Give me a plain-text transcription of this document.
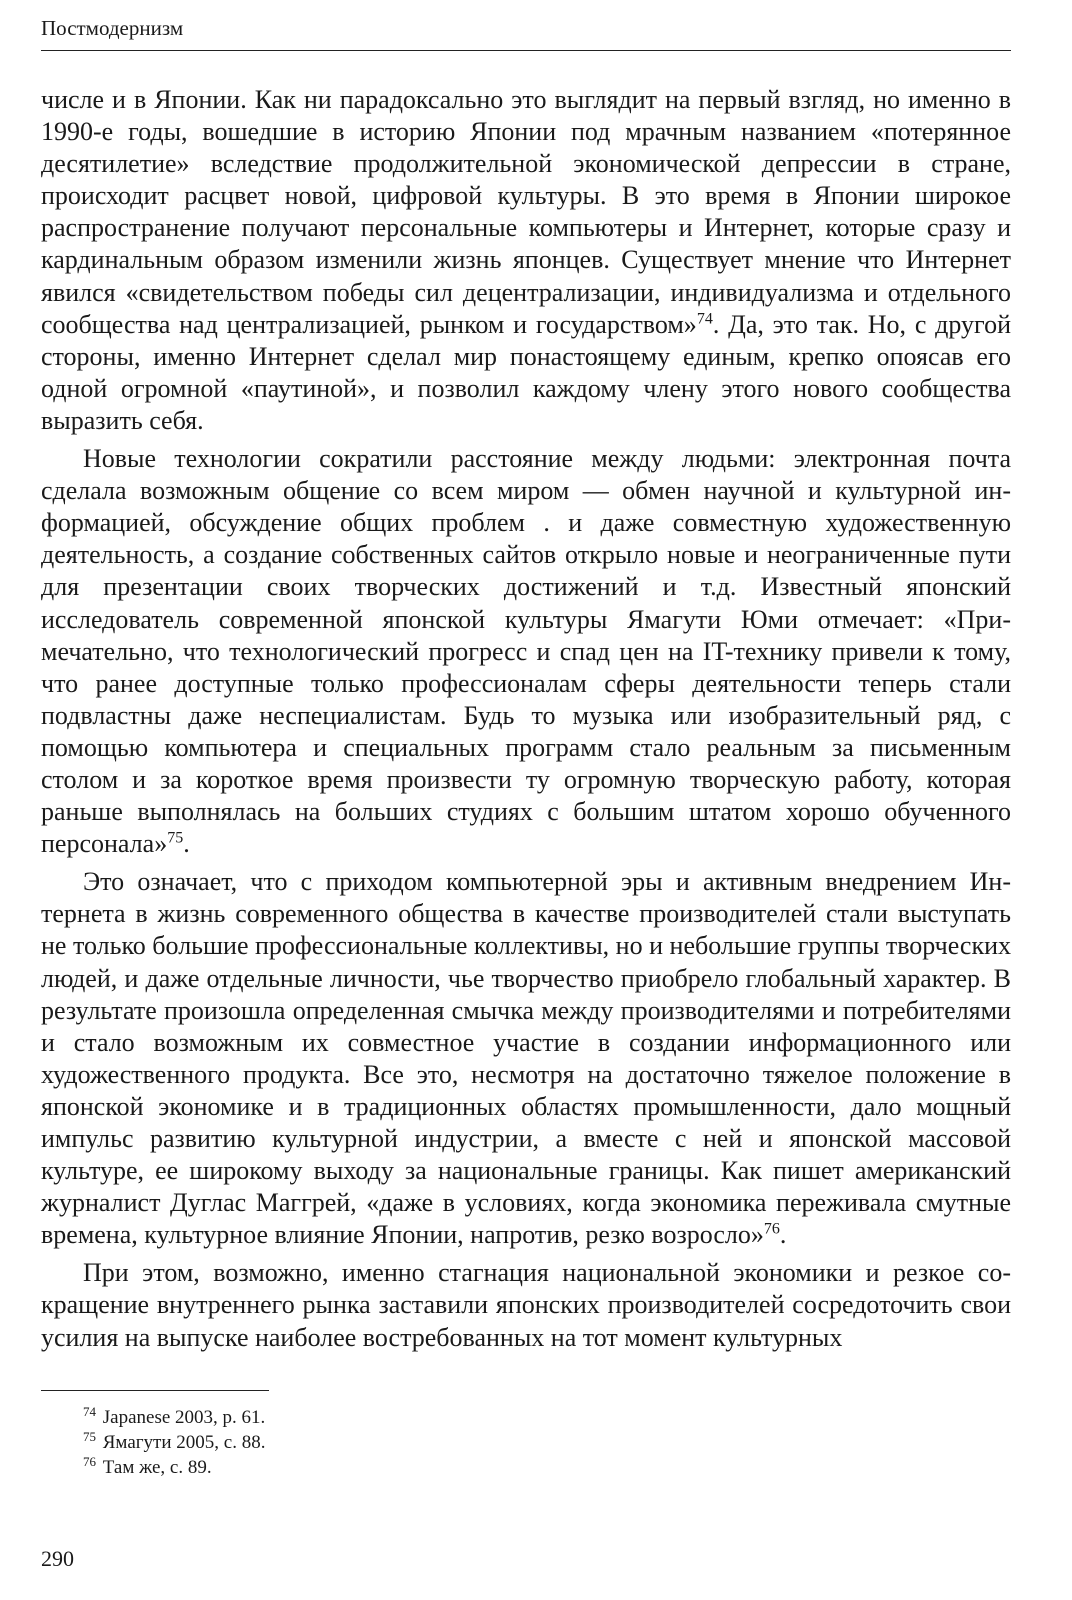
Постмодернизм

числе и в Японии. Как ни парадоксально это выглядит на первый взгляд, но именно в 1990-е годы, вошедшие в историю Японии под мрачным названием «потерянное десятилетие» вследствие продолжительной экономической депрессии в стране, происходит расцвет новой, цифровой культуры. В это время в Японии широкое распространение получают персональные компьютеры и Интернет, которые сразу и кардинальным образом изменили жизнь японцев. Существует мнение что Интернет явился «свидетельством победы сил децентрализации, индивидуализма и отдельного сообщества над централизацией, рынком и государством»$^{74}$. Да, это так. Но, с другой стороны, именно Интернет сделал мир понастоящему единым, крепко опоясав его одной огромной «паутиной», и позволил каждому члену этого нового сообщества выразить себя.

Новые технологии сократили расстояние между людьми: электронная почта сделала возможным общение со всем миром — обмен научной и культурной информацией, обсуждение общих проблем . и даже совместную художественную деятельность, а создание собственных сайтов открыло новые и неограниченные пути для презентации своих творческих достижений и т.д. Известный японский исследователь современной японской культуры Ямагути Юми отмечает: «Примечательно, что технологический прогресс и спад цен на IT-технику привели к тому, что ранее доступные только профессионалам сферы деятельности теперь стали подвластны даже неспециалистам. Будь то музыка или изобразительный ряд, с помощью компьютера и специальных программ стало реальным за письменным столом и за короткое время произвести ту огромную творческую работу, которая раньше выполнялась на больших студиях с большим штатом хорошо обученного персонала»$^{75}$.

Это означает, что с приходом компьютерной эры и активным внедрением Интернета в жизнь современного общества в качестве производителей стали выступать не только большие профессиональные коллективы, но и небольшие группы творческих людей, и даже отдельные личности, чье творчество приобрело глобальный характер. В результате произошла определенная смычка между производителями и потребителями и стало возможным их совместное участие в создании информационного или художественного продукта. Все это, несмотря на достаточно тяжелое положение в японской экономике и в традиционных областях промышленности, дало мощный импульс развитию культурной индустрии, а вместе с ней и японской массовой культуре, ее широкому выходу за национальные границы. Как пишет американский журналист Дуглас Маггрей, «даже в условиях, когда экономика переживала смутные времена, культурное влияние Японии, напротив, резко возросло»$^{76}$.

При этом, возможно, именно стагнация национальной экономики и резкое сокращение внутреннего рынка заставили японских производителей сосредоточить свои усилия на выпуске наиболее востребованных на тот момент культурных

$^{74}$ Japanese 2003, p. 61.
$^{75}$ Ямагути 2005, с. 88.
$^{76}$ Там же, с. 89.
290
